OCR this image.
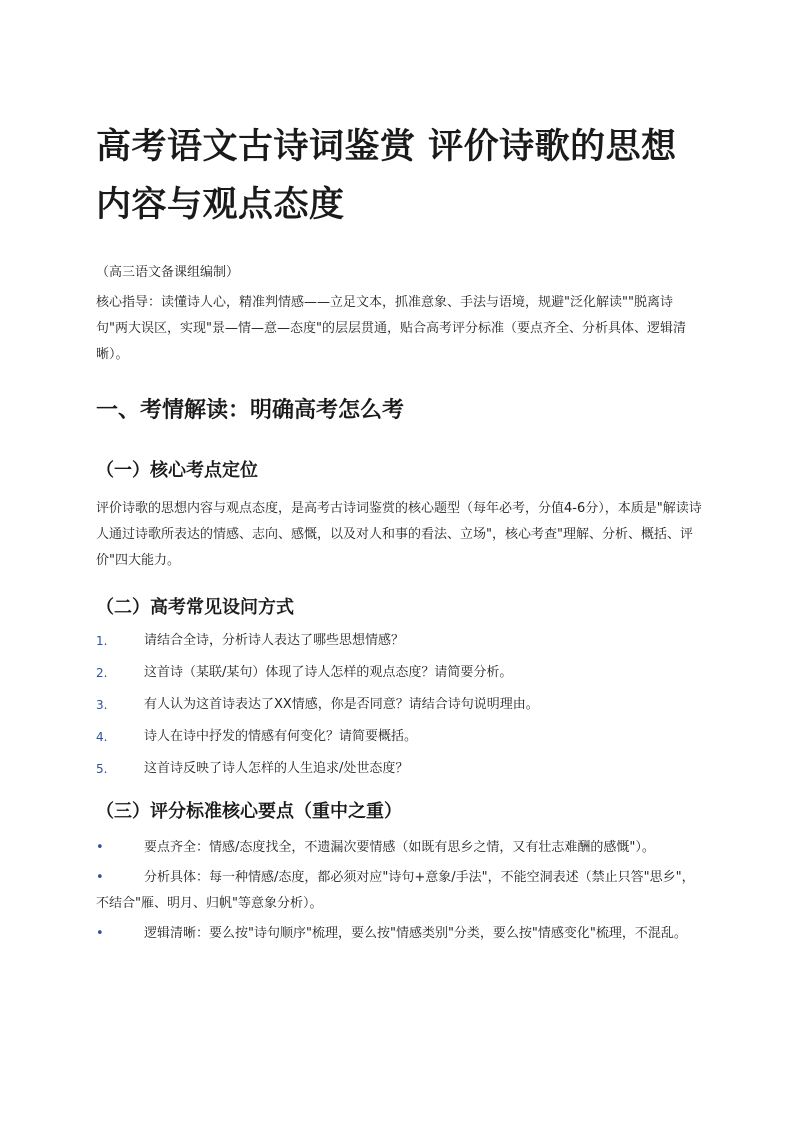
高考语文古诗词鉴赏 评价诗歌的思想内容与观点态度
（高三语文备课组编制）
核心指导：读懂诗人心，精准判情感——立足文本，抓准意象、手法与语境，规避"泛化解读""脱离诗句"两大误区，实现"景—情—意—态度"的层层贯通，贴合高考评分标准（要点齐全、分析具体、逻辑清晰）。
一、考情解读：明确高考怎么考
（一）核心考点定位
评价诗歌的思想内容与观点态度，是高考古诗词鉴赏的核心题型（每年必考，分值4-6分），本质是"解读诗人通过诗歌所表达的情感、志向、感慨，以及对人和事的看法、立场"，核心考查"理解、分析、概括、评价"四大能力。
（二）高考常见设问方式
1.	请结合全诗，分析诗人表达了哪些思想情感？
2.	这首诗（某联/某句）体现了诗人怎样的观点态度？请简要分析。
3.	有人认为这首诗表达了XX情感，你是否同意？请结合诗句说明理由。
4.	诗人在诗中抒发的情感有何变化？请简要概括。
5.	这首诗反映了诗人怎样的人生追求/处世态度？
（三）评分标准核心要点（重中之重）
•	要点齐全：情感/态度找全，不遗漏次要情感（如既有思乡之情，又有壮志难酬的感慨"）。
•	分析具体：每一种情感/态度，都必须对应"诗句+意象/手法"，不能空洞表述（禁止只答"思乡"，不结合"雁、明月、归帆"等意象分析）。
•	逻辑清晰：要么按"诗句顺序"梳理，要么按"情感类别"分类，要么按"情感变化"梳理，不混乱。
